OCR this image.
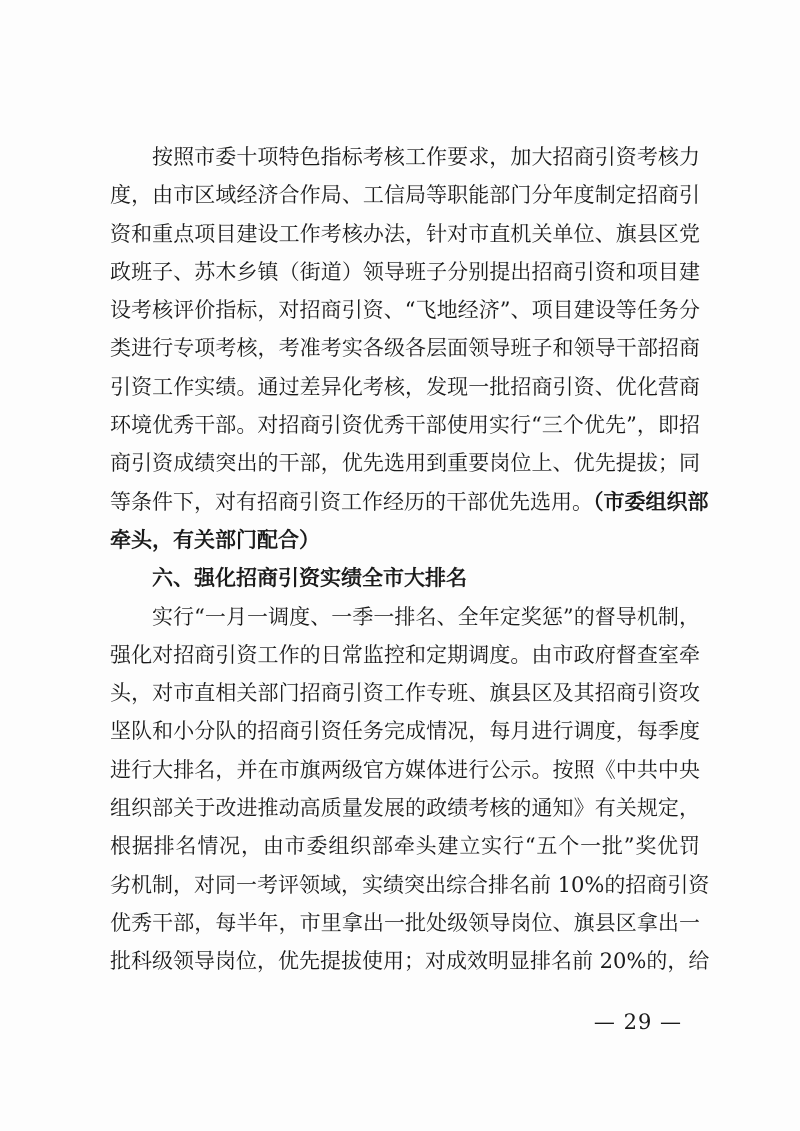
按照市委十项特色指标考核工作要求，加大招商引资考核力
度，由市区域经济合作局、工信局等职能部门分年度制定招商引
资和重点项目建设工作考核办法，针对市直机关单位、旗县区党
政班子、苏木乡镇（街道）领导班子分别提出招商引资和项目建
设考核评价指标，对招商引资、“飞地经济”、项目建设等任务分
类进行专项考核，考准考实各级各层面领导班子和领导干部招商
引资工作实绩。通过差异化考核，发现一批招商引资、优化营商
环境优秀干部。对招商引资优秀干部使用实行“三个优先”，即招
商引资成绩突出的干部，优先选用到重要岗位上、优先提拔；同
等条件下，对有招商引资工作经历的干部优先选用。（市委组织部
牵头，有关部门配合）

六、强化招商引资实绩全市大排名

实行“一月一调度、一季一排名、全年定奖惩”的督导机制，
强化对招商引资工作的日常监控和定期调度。由市政府督查室牵
头，对市直相关部门招商引资工作专班、旗县区及其招商引资攻
坚队和小分队的招商引资任务完成情况，每月进行调度，每季度
进行大排名，并在市旗两级官方媒体进行公示。按照《中共中央
组织部关于改进推动高质量发展的政绩考核的通知》有关规定，
根据排名情况，由市委组织部牵头建立实行“五个一批”奖优罚
劣机制，对同一考评领域，实绩突出综合排名前 10%的招商引资
优秀干部，每半年，市里拿出一批处级领导岗位、旗县区拿出一
批科级领导岗位，优先提拔使用；对成效明显排名前 20%的，给

— 29 —
